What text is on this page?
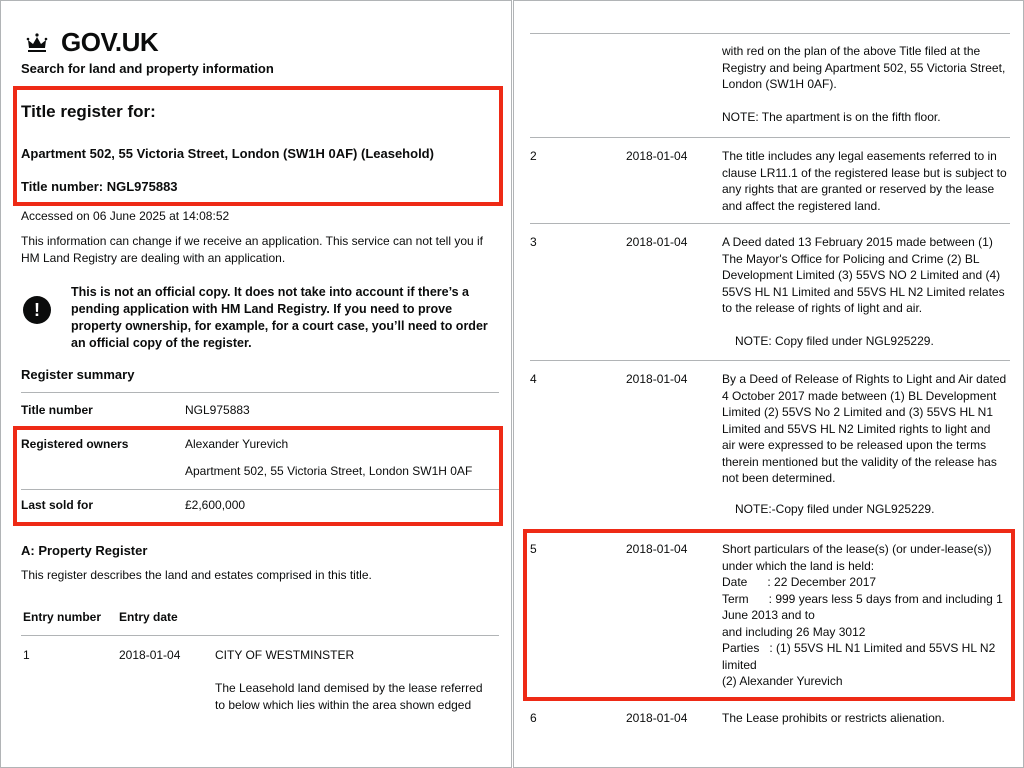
GOV.UK
Search for land and property information
Title register for:
Apartment 502, 55 Victoria Street, London (SW1H 0AF) (Leasehold)
Title number: NGL975883
Accessed on 06 June 2025 at 14:08:52
This information can change if we receive an application. This service can not tell you if HM Land Registry are dealing with an application.
!
This is not an official copy. It does not take into account if there’s a pending application with HM Land Registry. If you need to prove property ownership, for example, for a court case, you’ll need to order an official copy of the register.
Register summary
Title number	NGL975883
Registered owners	Alexander Yurevich
Apartment 502, 55 Victoria Street, London SW1H 0AF
Last sold for	£2,600,000
A: Property Register
This register describes the land and estates comprised in this title.
Entry number Entry date
1	2018-01-04	CITY OF WESTMINSTER
The Leasehold land demised by the lease referred to below which lies within the area shown edged
with red on the plan of the above Title filed at the Registry and being Apartment 502, 55 Victoria Street, London (SW1H 0AF).
NOTE: The apartment is on the fifth floor.
2	2018-01-04	The title includes any legal easements referred to in clause LR11.1 of the registered lease but is subject to any rights that are granted or reserved by the lease and affect the registered land.
3	2018-01-04	A Deed dated 13 February 2015 made between (1) The Mayor's Office for Policing and Crime (2) BL Development Limited (3) 55VS NO 2 Limited and (4) 55VS HL N1 Limited and 55VS HL N2 Limited relates to the release of rights of light and air.
NOTE: Copy filed under NGL925229.
4	2018-01-04	By a Deed of Release of Rights to Light and Air dated 4 October 2017 made between (1) BL Development Limited (2) 55VS No 2 Limited and (3) 55VS HL N1 Limited and 55VS HL N2 Limited rights to light and air were expressed to be released upon the terms therein mentioned but the validity of the release has not been determined.
NOTE:-Copy filed under NGL925229.
5	2018-01-04	Short particulars of the lease(s) (or under-lease(s)) under which the land is held:
Date      : 22 December 2017
Term      : 999 years less 5 days from and including 1 June 2013 and to
and including 26 May 3012
Parties   : (1) 55VS HL N1 Limited and 55VS HL N2 limited
(2) Alexander Yurevich
6	2018-01-04	The Lease prohibits or restricts alienation.
